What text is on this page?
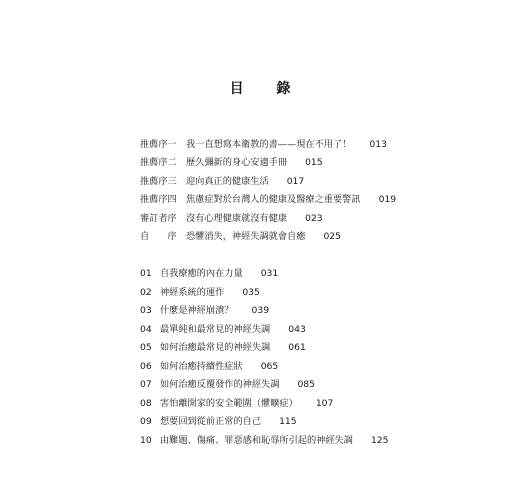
目 錄
推薦序一	我一直想寫本衛教的書——現在不用了！ 013
推薦序二	歷久彌新的身心安適手冊 015
推薦序三	迎向真正的健康生活 017
推薦序四	焦慮症對於台灣人的健康及醫療之重要警訊 019
審訂者序	沒有心理健康就沒有健康 023
自　　序	恐懼消失，神經失調就會自癒 025
01 自我療癒的內在力量 031
02 神經系統的運作 035
03 什麼是神經崩潰？ 039
04 最單純和最常見的神經失調 043
05 如何治癒最常見的神經失調 061
06 如何治癒持續性症狀 065
07 如何治癒反覆發作的神經失調 085
08 害怕離開家的安全範圍（懼曠症） 107
09 想要回到從前正常的自己 115
10 由難題、傷痛、罪惡感和恥辱所引起的神經失調 125
